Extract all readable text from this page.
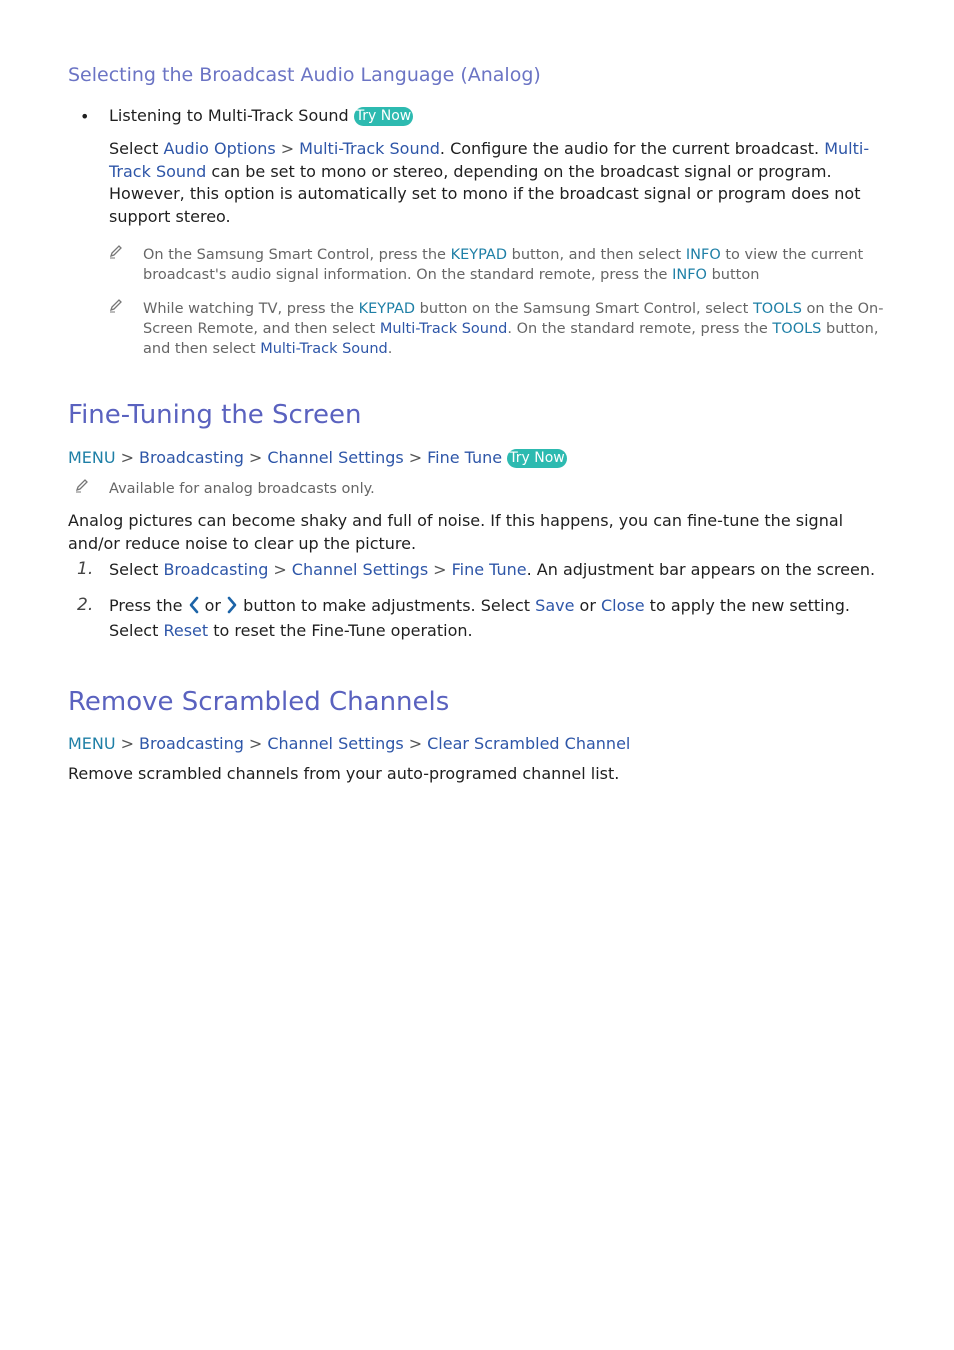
Selecting the Broadcast Audio Language (Analog)
• Listening to Multi-Track Sound Try Now
Select Audio Options > Multi-Track Sound. Configure the audio for the current broadcast. Multi-
Track Sound can be set to mono or stereo, depending on the broadcast signal or program.
However, this option is automatically set to mono if the broadcast signal or program does not
support stereo.
On the Samsung Smart Control, press the KEYPAD button, and then select INFO to view the current
broadcast's audio signal information. On the standard remote, press the INFO button
While watching TV, press the KEYPAD button on the Samsung Smart Control, select TOOLS on the On-
Screen Remote, and then select Multi-Track Sound. On the standard remote, press the TOOLS button,
and then select Multi-Track Sound.
Fine-Tuning the Screen
MENU > Broadcasting > Channel Settings > Fine Tune Try Now
Available for analog broadcasts only.
Analog pictures can become shaky and full of noise. If this happens, you can fine-tune the signal
and/or reduce noise to clear up the picture.
1. Select Broadcasting > Channel Settings > Fine Tune. An adjustment bar appears on the screen.
2. Press the  or  button to make adjustments. Select Save or Close to apply the new setting.
Select Reset to reset the Fine-Tune operation.
Remove Scrambled Channels
MENU > Broadcasting > Channel Settings > Clear Scrambled Channel
Remove scrambled channels from your auto-programed channel list.
